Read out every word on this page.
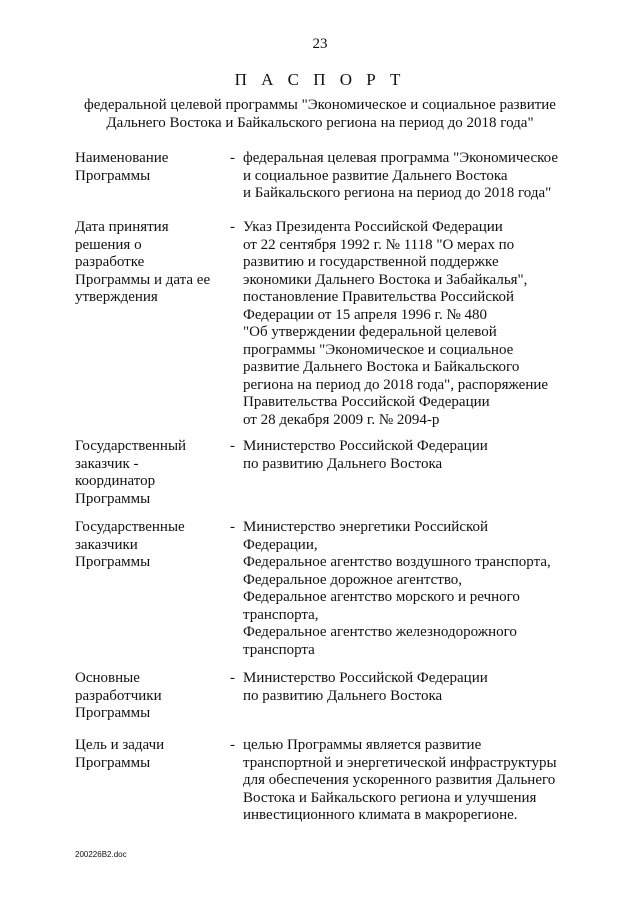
23
П А С П О Р Т
федеральной целевой программы "Экономическое и социальное развитие
Дальнего Востока и Байкальского региона на период до 2018 года"
Наименование
Программы
- федеральная целевая программа "Экономическое
и социальное развитие Дальнего Востока
и Байкальского региона на период до 2018 года"
Дата принятия
решения о
разработке
Программы и дата ее
утверждения
- Указ Президента Российской Федерации
от 22 сентября 1992 г. № 1118 "О мерах по
развитию и государственной поддержке
экономики Дальнего Востока и Забайкалья",
постановление Правительства Российской
Федерации от 15 апреля 1996 г. № 480
"Об утверждении федеральной целевой
программы "Экономическое и социальное
развитие Дальнего Востока и Байкальского
региона на период до 2018 года", распоряжение
Правительства Российской Федерации
от 28 декабря 2009 г. № 2094-р
Государственный
заказчик -
координатор
Программы
- Министерство Российской Федерации
по развитию Дальнего Востока
Государственные
заказчики
Программы
- Министерство энергетики Российской
Федерации,
Федеральное агентство воздушного транспорта,
Федеральное дорожное агентство,
Федеральное агентство морского и речного
транспорта,
Федеральное агентство железнодорожного
транспорта
Основные
разработчики
Программы
- Министерство Российской Федерации
по развитию Дальнего Востока
Цель и задачи
Программы
- целью Программы является развитие
транспортной и энергетической инфраструктуры
для обеспечения ускоренного развития Дальнего
Востока и Байкальского региона и улучшения
инвестиционного климата в макрорегионе.
200226В2.doc
